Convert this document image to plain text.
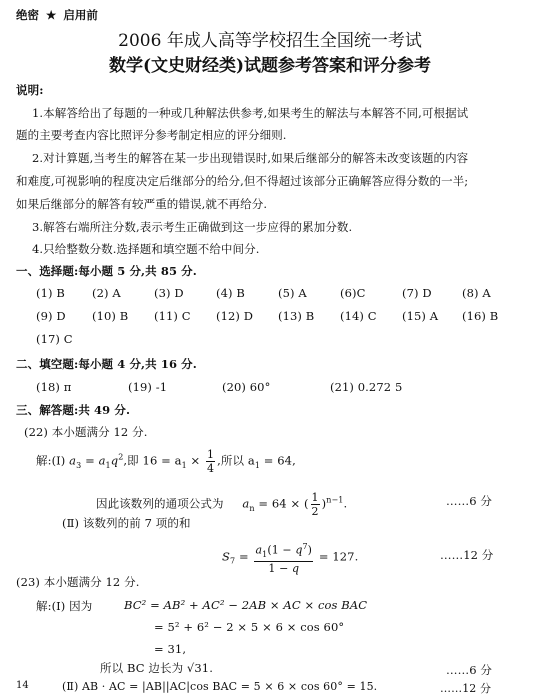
绝密 ★ 启用前
2006 年成人高等学校招生全国统一考试
数学(文史财经类)试题参考答案和评分参考
说明:
1.本解答给出了每题的一种或几种解法供参考,如果考生的解法与本解答不同,可根据试
题的主要考查内容比照评分参考制定相应的评分细则.
2.对计算题,当考生的解答在某一步出现错误时,如果后继部分的解答未改变该题的内容
和难度,可视影响的程度决定后继部分的给分,但不得超过该部分正确解答应得分数的一半;
如果后继部分的解答有较严重的错误,就不再给分.
3.解答右端所注分数,表示考生正确做到这一步应得的累加分数.
4.只给整数分数.选择题和填空题不给中间分.
一、选择题:每小题 5 分,共 85 分.
(1) B (2) A	(3) D	(4) B	(5) A	(6)C	(7) D	(8) A
(9) D (10) B (11) C (12) D (13) B (14) C (15) A (16) B
(17) C
二、填空题:每小题 4 分,共 16 分.
(18) π	(19) -1	(20) 60°	(21) 0.272 5
三、解答题:共 49 分.
(22) 本小题满分 12 分.
解:(Ⅰ) $a_3 = a_1q^2$,即 $16 = a_1 \times \frac{1}{4}$ ,所以 $a_1 = 64$,
因此该数列的通项公式为 $a_n = 64$ × ( $\frac{1}{2} )^{n-1}$.	……6 分
(Ⅱ) 该数列的前 7 项的和
$S_7 = \frac{a_1(1 - q^7)}{1 - q} = 127$.	……12 分
(23) 本小题满分 12 分.
解:(Ⅰ) 因为	BC² = AB² + AC² − 2AB × AC × cos BAC
= 5² + 6² − 2 × 5 × 6 × cos 60°
= 31,
所以 BC 边长为 √31.	……6 分
(Ⅱ) AB · AC = |AB||AC|cos BAC = 5 × 6 × cos 60° = 15.	……12 分
14
